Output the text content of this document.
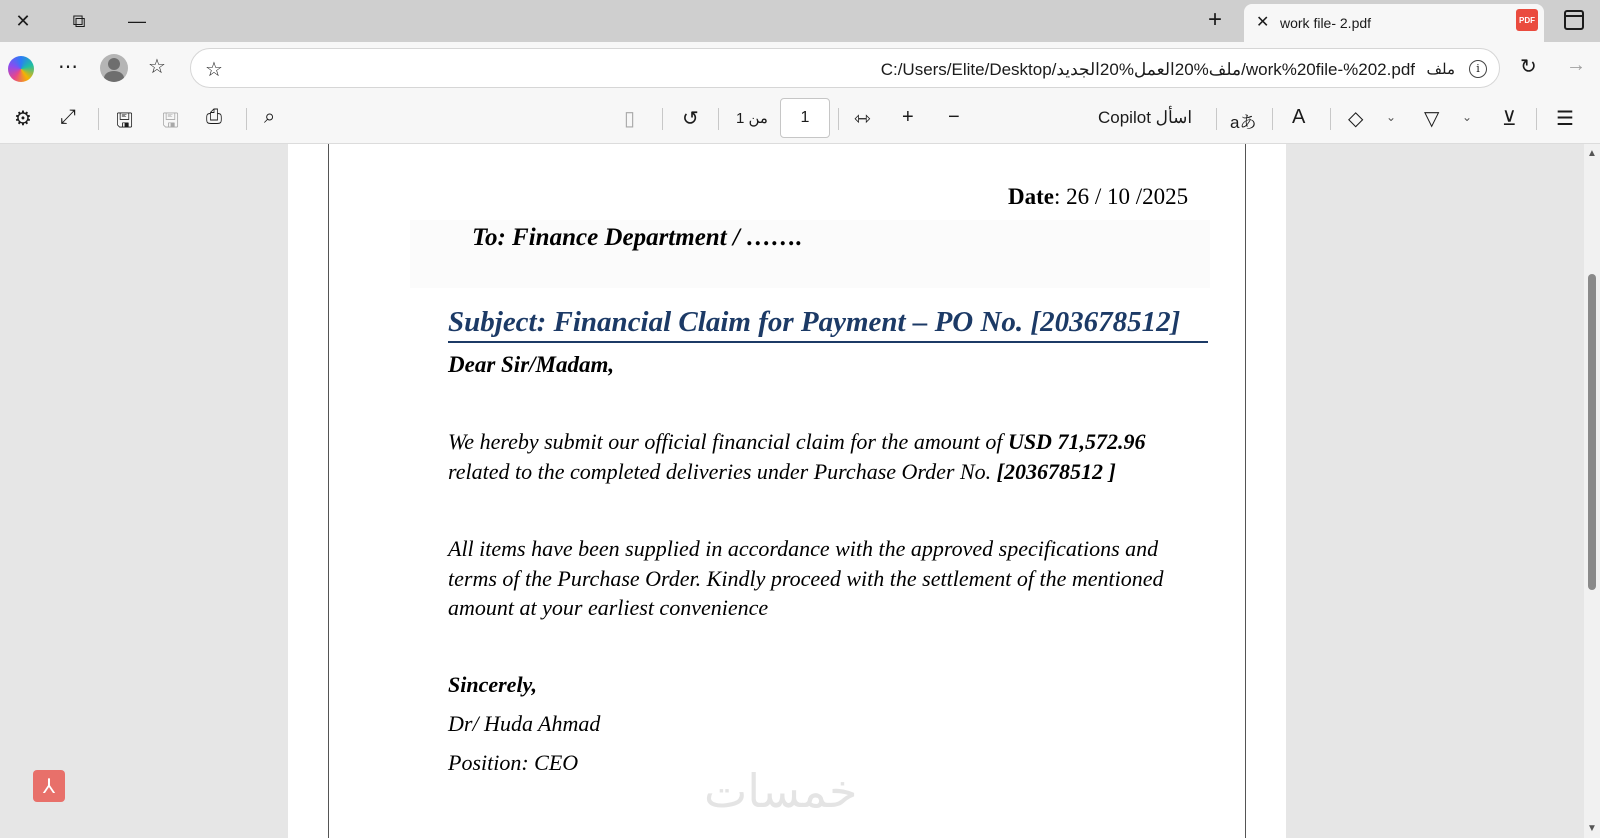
✕	⧉	—	+ ✕ work file- 2.pdf	PDF
⋯	☆ ☆	C:/Users/Elite/Desktop/ملف%20العمل%20الجديد/work%20file-%202.pdf ملف	i	↻ →
⚙ ⤢ 🖫 🖫 ⎙ ⌕	▯ ↺ من 1	1	⇿ + −	Copilot اسأل aあ A ◇ ⌄ ▽ ⌄ ⊻ ☰
Date: 26 / 10 /2025
To: Finance Department / …….
Subject: Financial Claim for Payment – PO No. [203678512]
Dear Sir/Madam,
We hereby submit our official financial claim for the amount of USD 71,572.96
related to the completed deliveries under Purchase Order No. [203678512 ]
All items have been supplied in accordance with the approved specifications and
terms of the Purchase Order. Kindly proceed with the settlement of the mentioned
amount at your earliest convenience
Sincerely,
Dr/ Huda Ahmad
Position: CEO
خمسات
⅄
▲
▼
